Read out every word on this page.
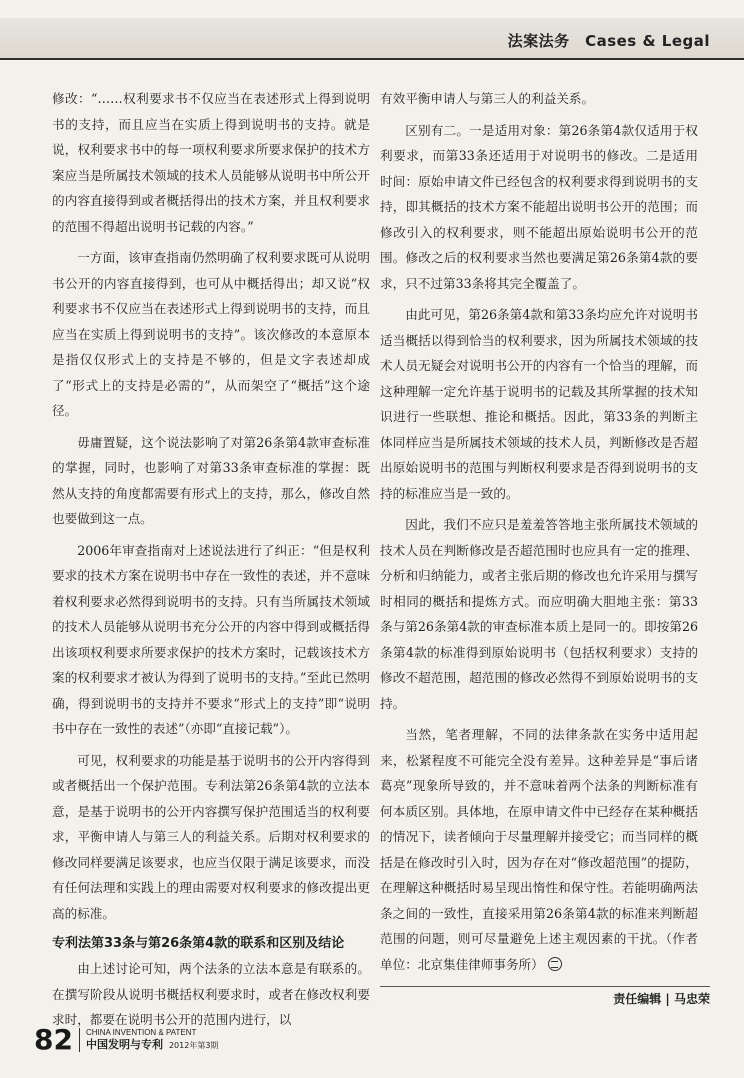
法案法务　Cases & Legal

修改：“……权利要求书不仅应当在表述形式上得到说明书的支持，而且应当在实质上得到说明书的支持。就是说，权利要求书中的每一项权利要求所要求保护的技术方案应当是所属技术领域的技术人员能够从说明书中所公开的内容直接得到或者概括得出的技术方案，并且权利要求的范围不得超出说明书记载的内容。”

一方面，该审查指南仍然明确了权利要求既可从说明书公开的内容直接得到，也可从中概括得出；却又说“权利要求书不仅应当在表述形式上得到说明书的支持，而且应当在实质上得到说明书的支持”。该次修改的本意原本是指仅仅形式上的支持是不够的，但是文字表述却成了“形式上的支持是必需的”，从而架空了“概括”这个途径。

毋庸置疑，这个说法影响了对第26条第4款审查标准的掌握，同时，也影响了对第33条审查标准的掌握：既然从支持的角度都需要有形式上的支持，那么，修改自然也要做到这一点。

2006年审查指南对上述说法进行了纠正：“但是权利要求的技术方案在说明书中存在一致性的表述，并不意味着权利要求必然得到说明书的支持。只有当所属技术领域的技术人员能够从说明书充分公开的内容中得到或概括得出该项权利要求所要求保护的技术方案时，记载该技术方案的权利要求才被认为得到了说明书的支持。”至此已然明确，得到说明书的支持并不要求“形式上的支持”即“说明书中存在一致性的表述”（亦即“直接记载”）。

可见，权利要求的功能是基于说明书的公开内容得到或者概括出一个保护范围。专利法第26条第4款的立法本意，是基于说明书的公开内容撰写保护范围适当的权利要求，平衡申请人与第三人的利益关系。后期对权利要求的修改同样要满足该要求，也应当仅限于满足该要求，而没有任何法理和实践上的理由需要对权利要求的修改提出更高的标准。

专利法第33条与第26条第4款的联系和区别及结论

由上述讨论可知，两个法条的立法本意是有联系的。在撰写阶段从说明书概括权利要求时，或者在修改权利要求时，都要在说明书公开的范围内进行，以

有效平衡申请人与第三人的利益关系。

区别有二。一是适用对象：第26条第4款仅适用于权利要求，而第33条还适用于对说明书的修改。二是适用时间：原始申请文件已经包含的权利要求得到说明书的支持，即其概括的技术方案不能超出说明书公开的范围；而修改引入的权利要求，则不能超出原始说明书公开的范围。修改之后的权利要求当然也要满足第26条第4款的要求，只不过第33条将其完全覆盖了。

由此可见，第26条第4款和第33条均应允许对说明书适当概括以得到恰当的权利要求，因为所属技术领域的技术人员无疑会对说明书公开的内容有一个恰当的理解，而这种理解一定允许基于说明书的记载及其所掌握的技术知识进行一些联想、推论和概括。因此，第33条的判断主体同样应当是所属技术领域的技术人员，判断修改是否超出原始说明书的范围与判断权利要求是否得到说明书的支持的标准应当是一致的。

因此，我们不应只是羞羞答答地主张所属技术领域的技术人员在判断修改是否超范围时也应具有一定的推理、分析和归纳能力，或者主张后期的修改也允许采用与撰写时相同的概括和提炼方式。而应明确大胆地主张：第33条与第26条第4款的审查标准本质上是同一的。即按第26条第4款的标准得到原始说明书（包括权利要求）支持的修改不超范围，超范围的修改必然得不到原始说明书的支持。

当然，笔者理解，不同的法律条款在实务中适用起来，松紧程度不可能完全没有差异。这种差异是“事后诸葛亮”现象所导致的，并不意味着两个法条的判断标准有何本质区别。具体地，在原申请文件中已经存在某种概括的情况下，读者倾向于尽量理解并接受它；而当同样的概括是在修改时引入时，因为存在对“修改超范围”的提防，在理解这种概括时易呈现出惰性和保守性。若能明确两法条之间的一致性，直接采用第26条第4款的标准来判断超范围的问题，则可尽量避免上述主观因素的干扰。（作者单位：北京集佳律师事务所）

责任编辑 | 马忠荣
82 CHINA INVENTION & PATENT
中国发明与专利 2012年第3期
